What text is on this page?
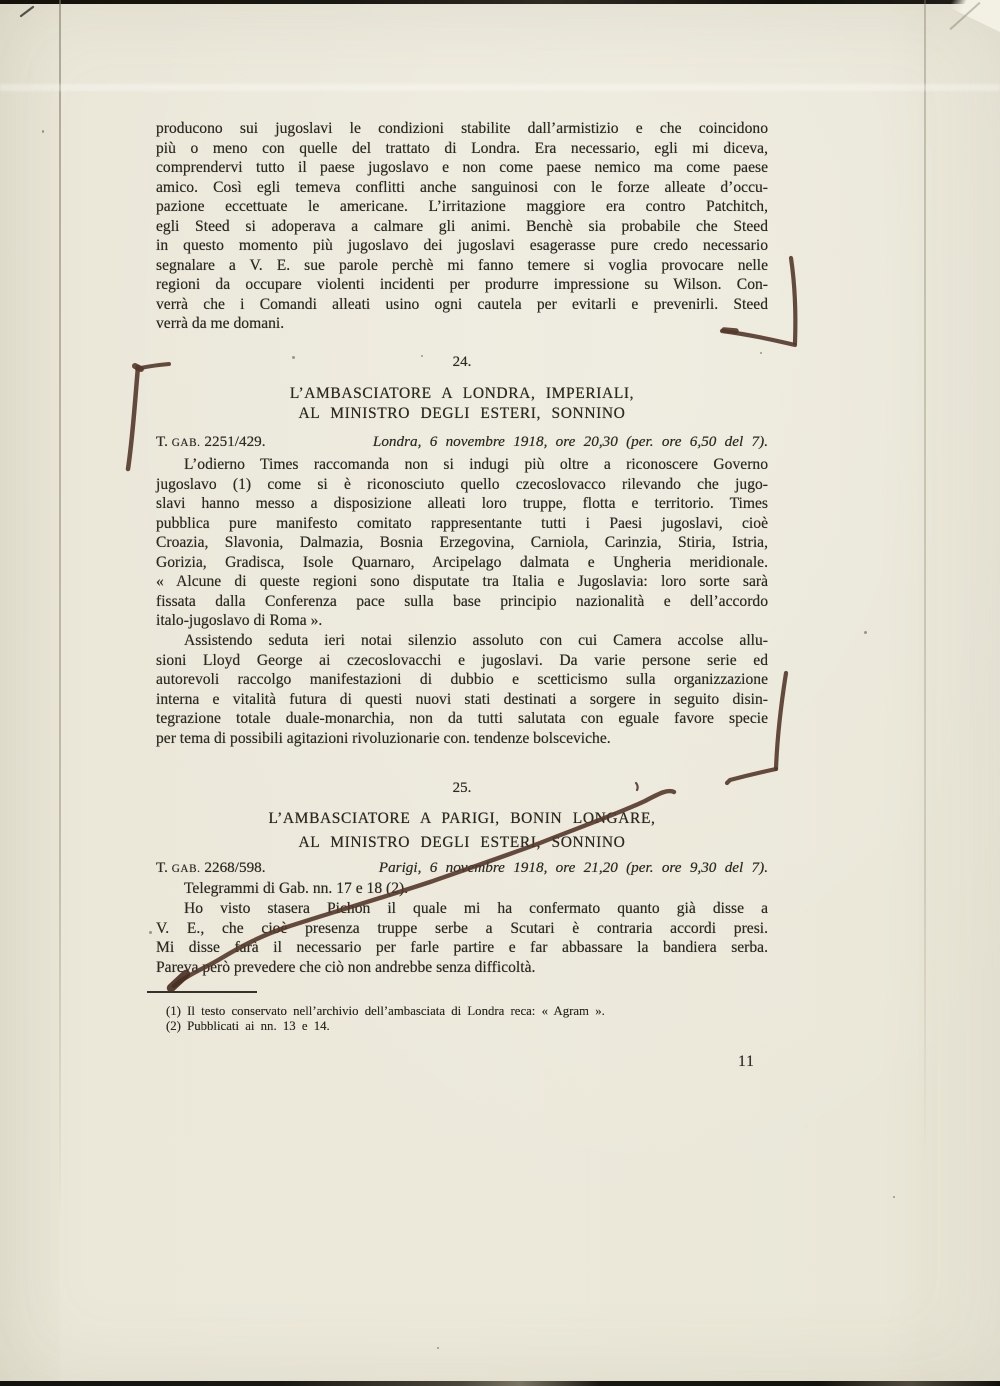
producono sui jugoslavi le condizioni stabilite dall’armistizio e che coincidono
più o meno con quelle del trattato di Londra. Era necessario, egli mi diceva,
comprendervi tutto il paese jugoslavo e non come paese nemico ma come paese
amico. Così egli temeva conflitti anche sanguinosi con le forze alleate d’occu-
pazione eccettuate le americane. L’irritazione maggiore era contro Patchitch,
egli Steed si adoperava a calmare gli animi. Benchè sia probabile che Steed
in questo momento più jugoslavo dei jugoslavi esagerasse pure credo necessario
segnalare a V. E. sue parole perchè mi fanno temere si voglia provocare nelle
regioni da occupare violenti incidenti per produrre impressione su Wilson. Con-
verrà che i Comandi alleati usino ogni cautela per evitarli e prevenirli. Steed
verrà da me domani.
24.
L’AMBASCIATORE A LONDRA, IMPERIALI,
AL MINISTRO DEGLI ESTERI, SONNINO
T. GAB. 2251/429.	Londra, 6 novembre 1918, ore 20,30 (per. ore 6,50 del 7).
L’odierno Times raccomanda non si indugi più oltre a riconoscere Governo
jugoslavo (1) come si è riconosciuto quello czecoslovacco rilevando che jugo-
slavi hanno messo a disposizione alleati loro truppe, flotta e territorio. Times
pubblica pure manifesto comitato rappresentante tutti i Paesi jugoslavi, cioè
Croazia, Slavonia, Dalmazia, Bosnia Erzegovina, Carniola, Carinzia, Stiria, Istria,
Gorizia, Gradisca, Isole Quarnaro, Arcipelago dalmata e Ungheria meridionale.
« Alcune di queste regioni sono disputate tra Italia e Jugoslavia: loro sorte sarà
fissata dalla Conferenza pace sulla base principio nazionalità e dell’accordo
italo-jugoslavo di Roma ».
Assistendo seduta ieri notai silenzio assoluto con cui Camera accolse allu-
sioni Lloyd George ai czecoslovacchi e jugoslavi. Da varie persone serie ed
autorevoli raccolgo manifestazioni di dubbio e scetticismo sulla organizzazione
interna e vitalità futura di questi nuovi stati destinati a sorgere in seguito disin-
tegrazione totale duale-monarchia, non da tutti salutata con eguale favore specie
per tema di possibili agitazioni rivoluzionarie con. tendenze bolsceviche.
25.
L’AMBASCIATORE A PARIGI, BONIN LONGARE,
AL MINISTRO DEGLI ESTERI, SONNINO
T. GAB. 2268/598.	Parigi, 6 novembre 1918, ore 21,20 (per. ore 9,30 del 7).
Telegrammi di Gab. nn. 17 e 18 (2).
Ho visto stasera Pichon il quale mi ha confermato quanto già disse a
V. E., che cioè presenza truppe serbe a Scutari è contraria accordi presi.
Mi disse farà il necessario per farle partire e far abbassare la bandiera serba.
Pareva però prevedere che ciò non andrebbe senza difficoltà.
(1) Il testo conservato nell’archivio dell’ambasciata di Londra reca: « Agram ».
(2) Pubblicati ai nn. 13 e 14.
11
